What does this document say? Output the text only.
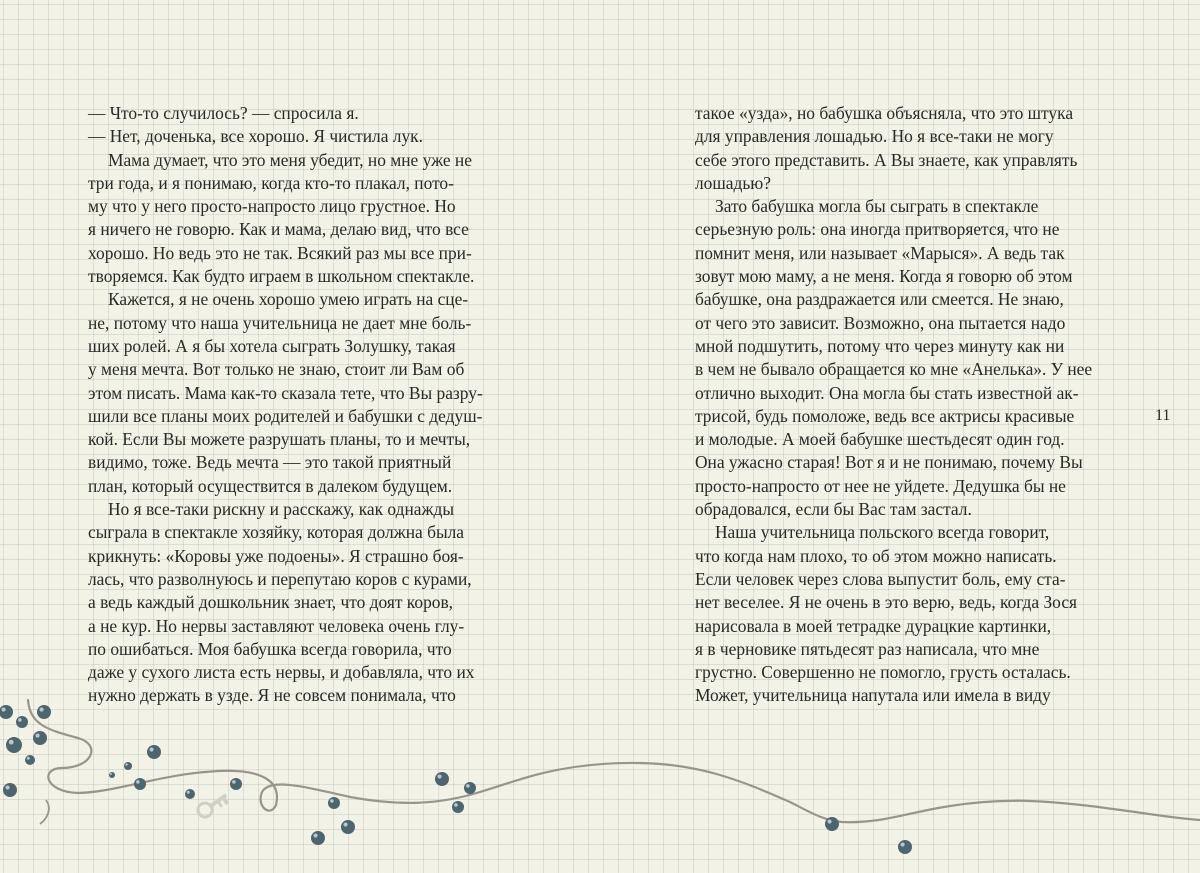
— Что-то случилось? — спросила я.
— Нет, доченька, все хорошо. Я чистила лук.
Мама думает, что это меня убедит, но мне уже не
три года, и я понимаю, когда кто-то плакал, пото-
му что у него просто-напросто лицо грустное. Но
я ничего не говорю. Как и мама, делаю вид, что все
хорошо. Но ведь это не так. Всякий раз мы все при-
творяемся. Как будто играем в школьном спектакле.
Кажется, я не очень хорошо умею играть на сце-
не, потому что наша учительница не дает мне боль-
ших ролей. А я бы хотела сыграть Золушку, такая
у меня мечта. Вот только не знаю, стоит ли Вам об
этом писать. Мама как-то сказала тете, что Вы разру-
шили все планы моих родителей и бабушки с дедуш-
кой. Если Вы можете разрушать планы, то и мечты,
видимо, тоже. Ведь мечта — это такой приятный
план, который осуществится в далеком будущем.
Но я все-таки рискну и расскажу, как однажды
сыграла в спектакле хозяйку, которая должна была
крикнуть: «Коровы уже подоены». Я страшно боя-
лась, что разволнуюсь и перепутаю коров с курами,
а ведь каждый дошкольник знает, что доят коров,
а не кур. Но нервы заставляют человека очень глу-
по ошибаться. Моя бабушка всегда говорила, что
даже у сухого листа есть нервы, и добавляла, что их
нужно держать в узде. Я не совсем понимала, что
такое «узда», но бабушка объясняла, что это штука
для управления лошадью. Но я все-таки не могу
себе этого представить. А Вы знаете, как управлять
лошадью?
Зато бабушка могла бы сыграть в спектакле
серьезную роль: она иногда притворяется, что не
помнит меня, или называет «Марыся». А ведь так
зовут мою маму, а не меня. Когда я говорю об этом
бабушке, она раздражается или смеется. Не знаю,
от чего это зависит. Возможно, она пытается надо
мной подшутить, потому что через минуту как ни
в чем не бывало обращается ко мне «Анелька». У нее
отлично выходит. Она могла бы стать известной ак-
трисой, будь помоложе, ведь все актрисы красивые
и молодые. А моей бабушке шестьдесят один год.
Она ужасно старая! Вот я и не понимаю, почему Вы
просто-напросто от нее не уйдете. Дедушка бы не
обрадовался, если бы Вас там застал.
Наша учительница польского всегда говорит,
что когда нам плохо, то об этом можно написать.
Если человек через слова выпустит боль, ему ста-
нет веселее. Я не очень в это верю, ведь, когда Зося
нарисовала в моей тетрадке дурацкие картинки,
я в черновике пятьдесят раз написала, что мне
грустно. Совершенно не помогло, грусть осталась.
Может, учительница напутала или имела в виду
11
